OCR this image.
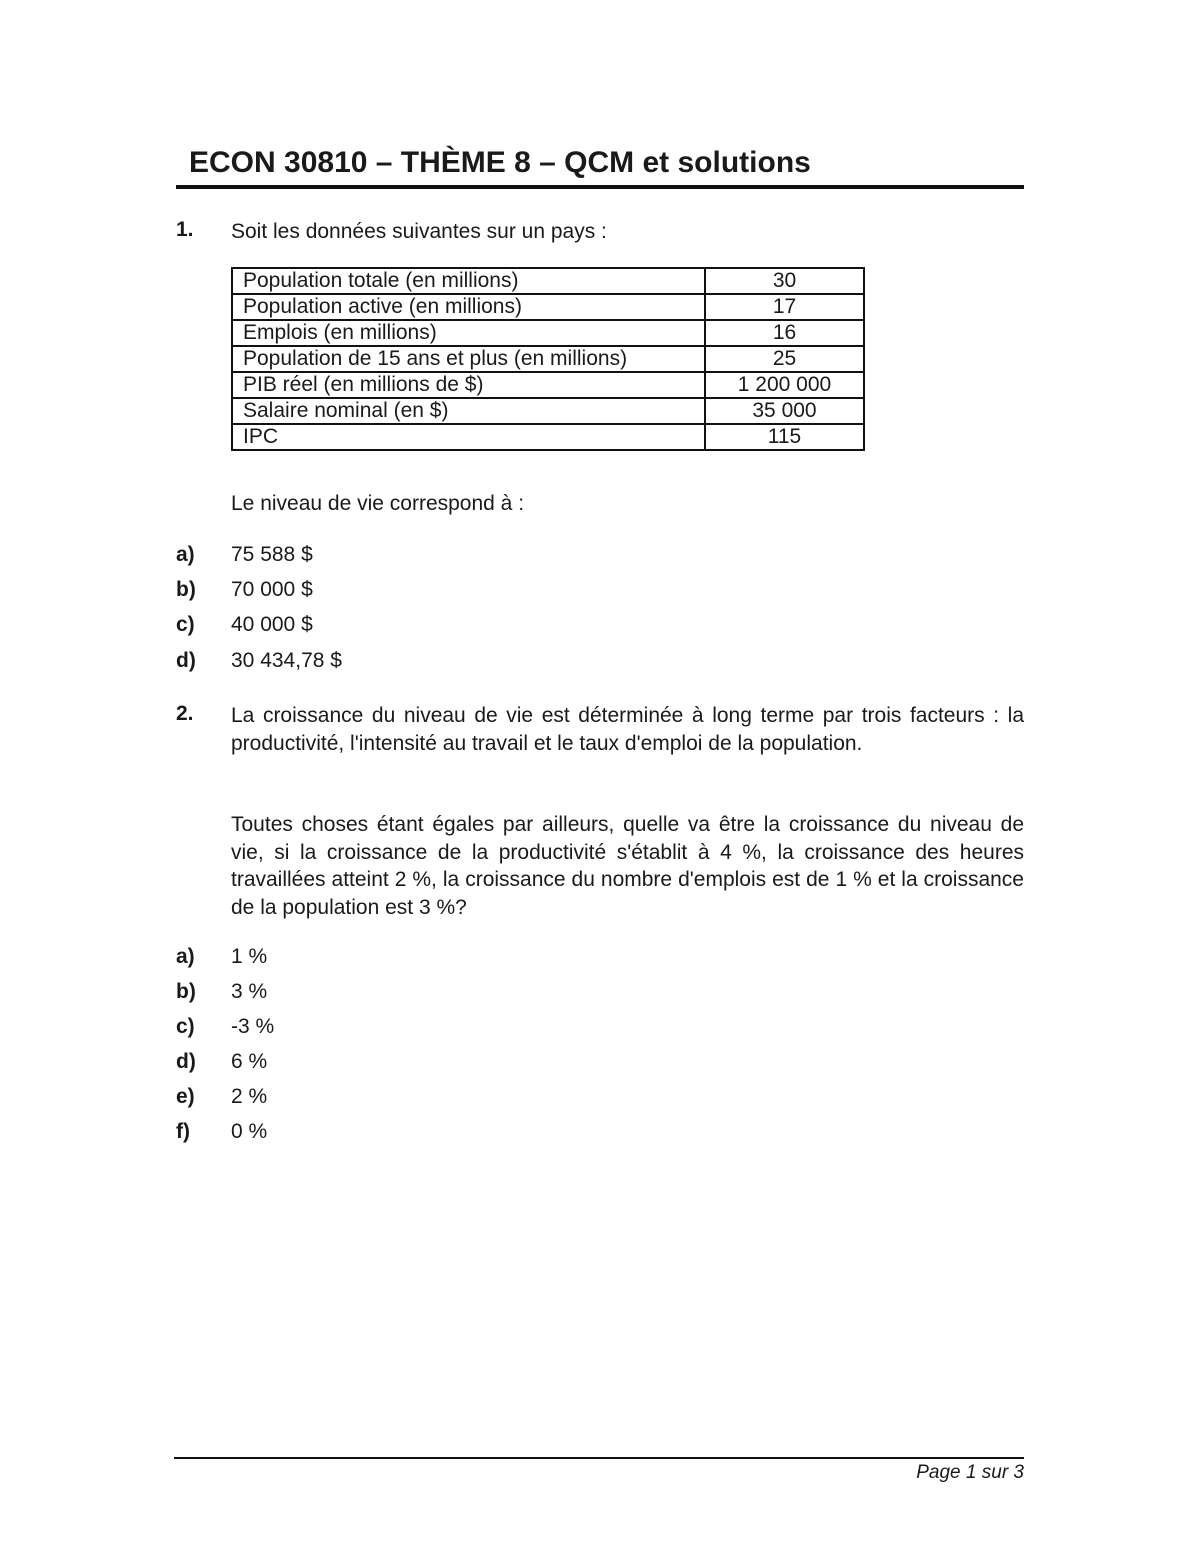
ECON 30810 – THÈME 8 – QCM et solutions
1. Soit les données suivantes sur un pays :
Population totale (en millions)	30
Population active (en millions)	17
Emplois (en millions)	16
Population de 15 ans et plus (en millions)	25
PIB réel (en millions de $)	1 200 000
Salaire nominal (en $)	35 000
IPC	115
Le niveau de vie correspond à :
a) 75 588 $
b) 70 000 $
c) 40 000 $
d) 30 434,78 $
2. La croissance du niveau de vie est déterminée à long terme par trois facteurs : la productivité, l'intensité au travail et le taux d'emploi de la population.
Toutes choses étant égales par ailleurs, quelle va être la croissance du niveau de vie, si la croissance de la productivité s'établit à 4 %, la croissance des heures travaillées atteint 2 %, la croissance du nombre d'emplois est de 1 % et la croissance de la population est 3 %?
a) 1 %
b) 3 %
c) -3 %
d) 6 %
e) 2 %
f) 0 %
Page 1 sur 3
